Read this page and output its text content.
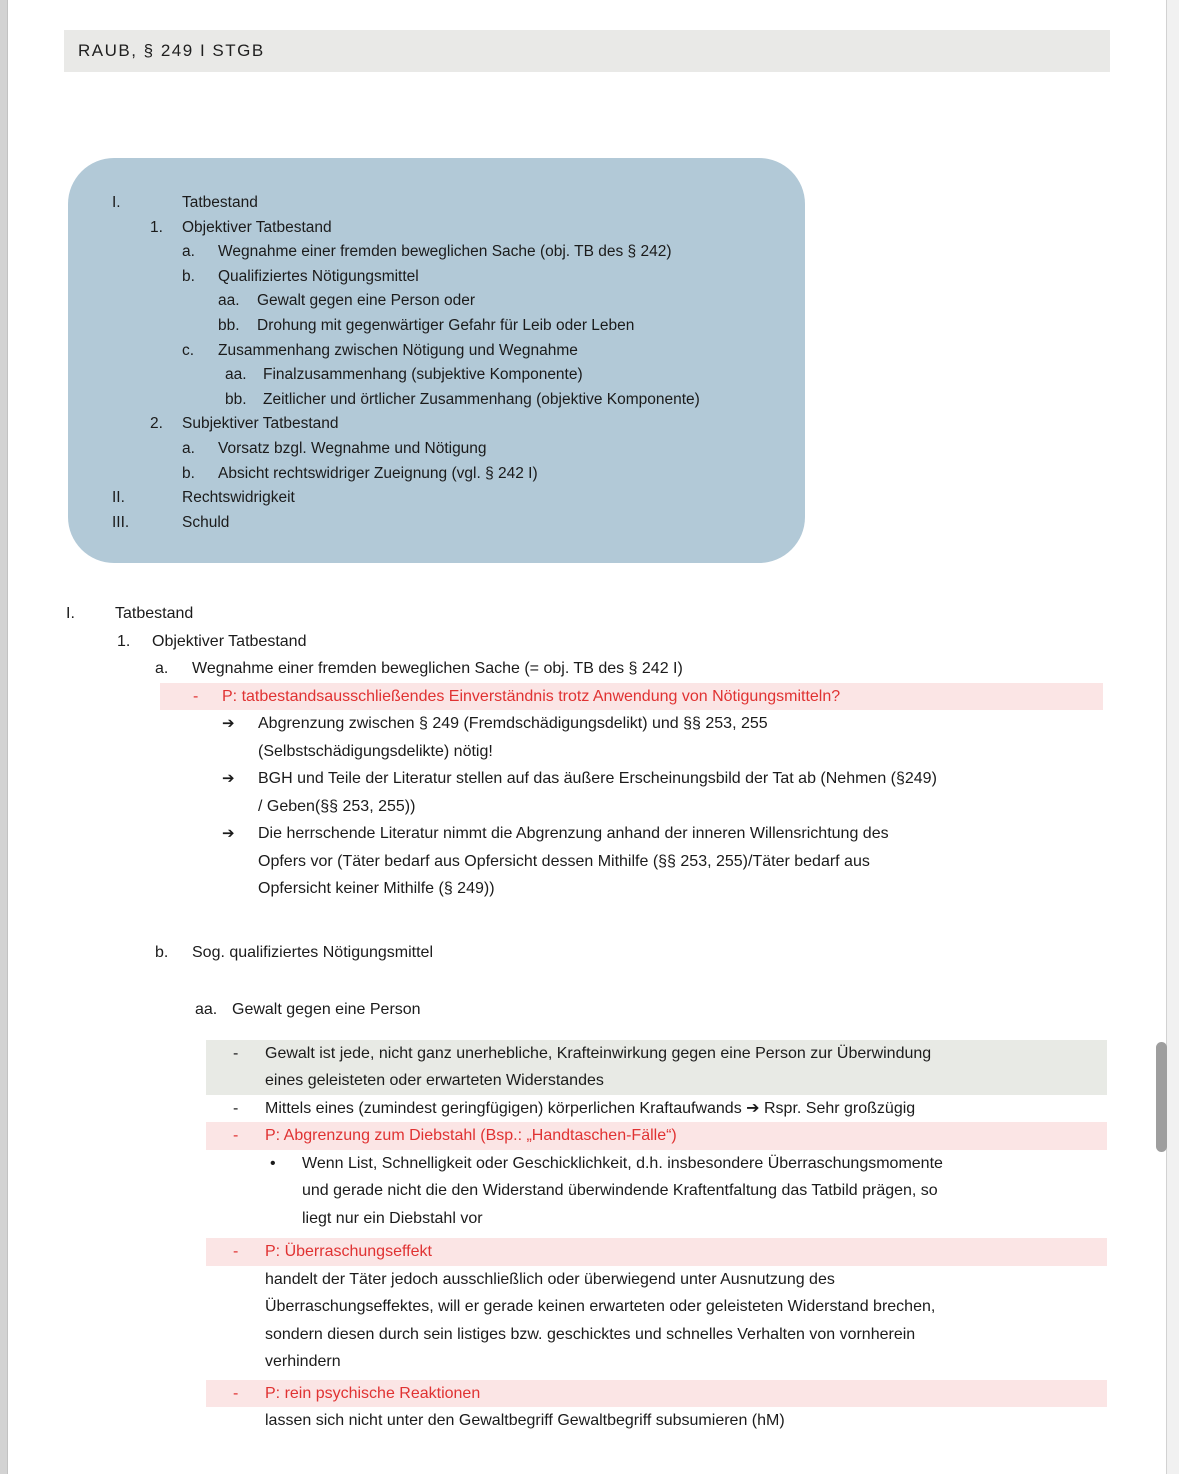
RAUB, § 249 I STGB
I.	Tatbestand
1.	Objektiver Tatbestand
a.	Wegnahme einer fremden beweglichen Sache (obj. TB des § 242)
b.	Qualifiziertes Nötigungsmittel
aa.	Gewalt gegen eine Person oder
bb.	Drohung mit gegenwärtiger Gefahr für Leib oder Leben
c.	Zusammenhang zwischen Nötigung und Wegnahme
aa.	Finalzusammenhang (subjektive Komponente)
bb.	Zeitlicher und örtlicher Zusammenhang (objektive Komponente)
2.	Subjektiver Tatbestand
a.	Vorsatz bzgl. Wegnahme und Nötigung
b.	Absicht rechtswidriger Zueignung (vgl. § 242 I)
II.	Rechtswidrigkeit
III.	Schuld
I.	Tatbestand
1.	Objektiver Tatbestand
a.	Wegnahme einer fremden beweglichen Sache (= obj. TB des § 242 I)
-	P: tatbestandsausschließendes Einverständnis trotz Anwendung von Nötigungsmitteln?
➔	Abgrenzung zwischen § 249 (Fremdschädigungsdelikt) und §§ 253, 255
(Selbstschädigungsdelikte) nötig!
➔	BGH und Teile der Literatur stellen auf das äußere Erscheinungsbild der Tat ab (Nehmen (§249)
/ Geben(§§ 253, 255))
➔	Die herrschende Literatur nimmt die Abgrenzung anhand der inneren Willensrichtung des
Opfers vor (Täter bedarf aus Opfersicht dessen Mithilfe (§§ 253, 255)/Täter bedarf aus
Opfersicht keiner Mithilfe (§ 249))
b.	Sog. qualifiziertes Nötigungsmittel
aa. Gewalt gegen eine Person
-	Gewalt ist jede, nicht ganz unerhebliche, Krafteinwirkung gegen eine Person zur Überwindung
eines geleisteten oder erwarteten Widerstandes
-	Mittels eines (zumindest geringfügigen) körperlichen Kraftaufwands ➔ Rspr. Sehr großzügig
-	P: Abgrenzung zum Diebstahl (Bsp.: „Handtaschen-Fälle“)
•	Wenn List, Schnelligkeit oder Geschicklichkeit, d.h. insbesondere Überraschungsmomente
und gerade nicht die den Widerstand überwindende Kraftentfaltung das Tatbild prägen, so
liegt nur ein Diebstahl vor
-	P: Überraschungseffekt
handelt der Täter jedoch ausschließlich oder überwiegend unter Ausnutzung des
Überraschungseffektes, will er gerade keinen erwarteten oder geleisteten Widerstand brechen,
sondern diesen durch sein listiges bzw. geschicktes und schnelles Verhalten von vornherein
verhindern
-	P: rein psychische Reaktionen
lassen sich nicht unter den Gewaltbegriff Gewaltbegriff subsumieren (hM)
